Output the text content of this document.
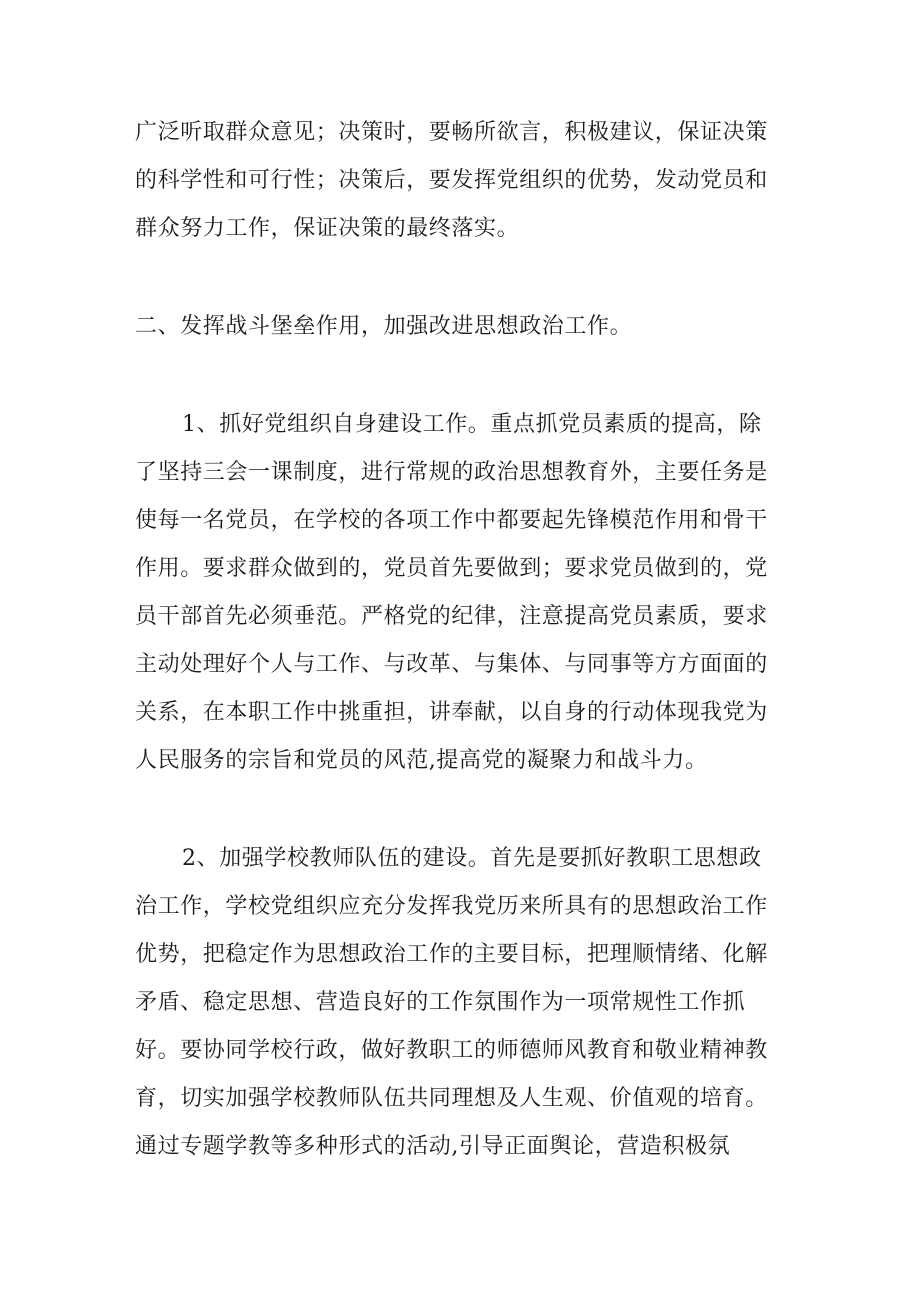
广泛听取群众意见；决策时，要畅所欲言，积极建议，保证决策
的科学性和可行性；决策后，要发挥党组织的优势，发动党员和
群众努力工作，保证决策的最终落实。
二、发挥战斗堡垒作用，加强改进思想政治工作。
1、抓好党组织自身建设工作。重点抓党员素质的提高，除
了坚持三会一课制度，进行常规的政治思想教育外，主要任务是
使每一名党员，在学校的各项工作中都要起先锋模范作用和骨干
作用。要求群众做到的，党员首先要做到；要求党员做到的，党
员干部首先必须垂范。严格党的纪律，注意提高党员素质，要求
主动处理好个人与工作、与改革、与集体、与同事等方方面面的
关系，在本职工作中挑重担，讲奉献，以自身的行动体现我党为
人民服务的宗旨和党员的风范,提高党的凝聚力和战斗力。
2、加强学校教师队伍的建设。首先是要抓好教职工思想政
治工作，学校党组织应充分发挥我党历来所具有的思想政治工作
优势，把稳定作为思想政治工作的主要目标，把理顺情绪、化解
矛盾、稳定思想、营造良好的工作氛围作为一项常规性工作抓
好。要协同学校行政，做好教职工的师德师风教育和敬业精神教
育，切实加强学校教师队伍共同理想及人生观、价值观的培育。
通过专题学教等多种形式的活动,引导正面舆论，营造积极氛
